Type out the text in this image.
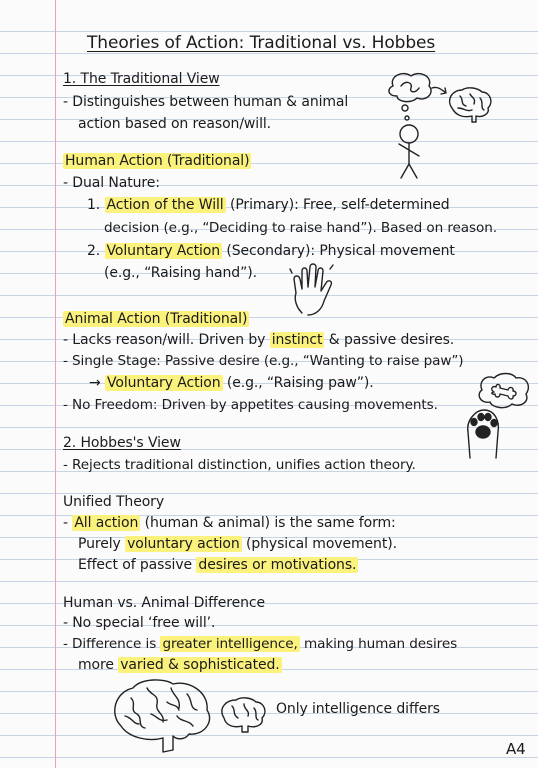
Theories of Action: Traditional vs. Hobbes
1. The Traditional View
- Distinguishes between human & animal
action based on reason/will.
Human Action (Traditional)
- Dual Nature:
1. Action of the Will (Primary): Free, self-determined
decision (e.g., “Deciding to raise hand”). Based on reason.
2. Voluntary Action (Secondary): Physical movement
(e.g., “Raising hand”).
Animal Action (Traditional)
- Lacks reason/will. Driven by instinct & passive desires.
- Single Stage: Passive desire (e.g., “Wanting to raise paw”)
→ Voluntary Action (e.g., “Raising paw”).
- No Freedom: Driven by appetites causing movements.
2. Hobbes's View
- Rejects traditional distinction, unifies action theory.
Unified Theory
- All action (human & animal) is the same form:
Purely voluntary action (physical movement).
Effect of passive desires or motivations.
Human vs. Animal Difference
- No special ‘free will’.
- Difference is greater intelligence, making human desires
more varied & sophisticated.
Only intelligence differs
A4
